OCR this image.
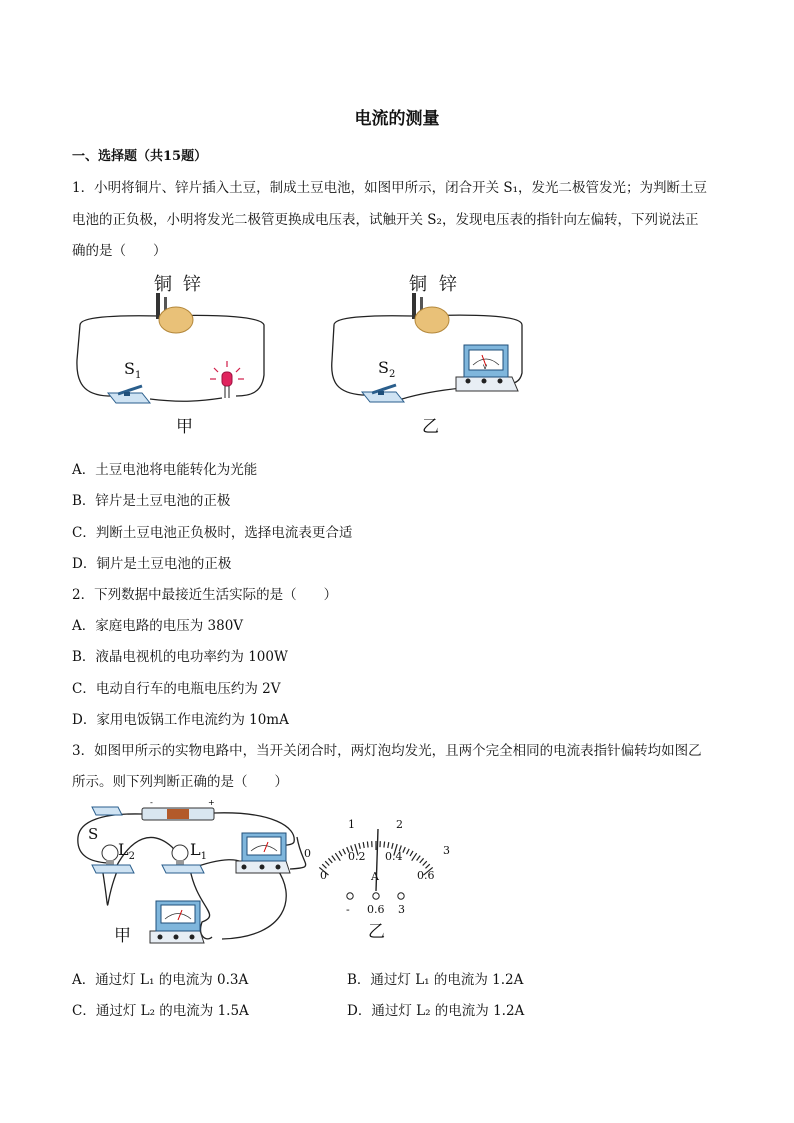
电流的测量
一、选择题（共15题）
1．小明将铜片、锌片插入土豆，制成土豆电池，如图甲所示，闭合开关 S₁，发光二极管发光；为判断土豆
电池的正负极，小明将发光二极管更换成电压表，试触开关 S₂，发现电压表的指针向左偏转，下列说法正
确的是（　　）
铜 锌
$S_1$
甲
铜 锌
$S_2$
V
乙
A．土豆电池将电能转化为光能
B．锌片是土豆电池的正极
C．判断土豆电池正负极时，选择电流表更合适
D．铜片是土豆电池的正极
2．下列数据中最接近生活实际的是（　　）
A．家庭电路的电压为 380V
B．液晶电视机的电功率约为 100W
C．电动自行车的电瓶电压约为 2V
D．家用电饭锅工作电流约为 10mA
3．如图甲所示的实物电路中，当开关闭合时，两灯泡均发光，且两个完全相同的电流表指针偏转均如图乙
所示。则下列判断正确的是（　　）
-	+
S
$L_2$	$L_1$
甲
0
1	2
3
0
0.2 0.4
0.6
A
- 0.6 3
乙
A．通过灯 L₁ 的电流为 0.3A	B．通过灯 L₁ 的电流为 1.2A
C．通过灯 L₂ 的电流为 1.5A	D．通过灯 L₂ 的电流为 1.2A
